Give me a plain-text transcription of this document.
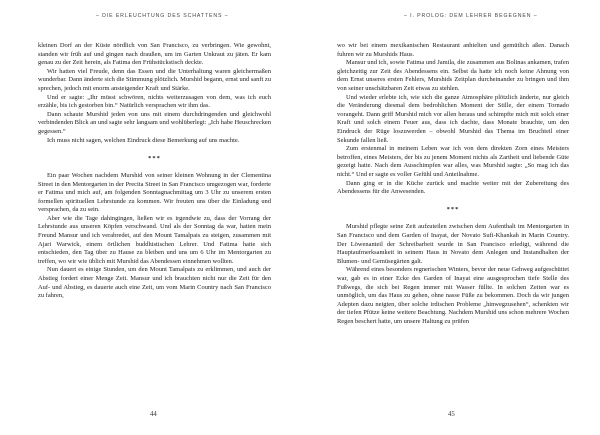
– DIE ERLEUCHTUNG DES SCHATTENS –

kleinen Dorf an der Küste nördlich von San Francisco, zu verbringen. Wie gewohnt, standen wir früh auf und gingen nach draußen, um im Garten Unkraut zu jäten. Er kam genau zu der Zeit herein, als Fatima den Frühstückstisch deckte.

Wir hatten viel Freude, denn das Essen und die Unterhaltung waren gleichermaßen wunderbar. Dann änderte sich die Stimmung plötzlich. Murshid begann, ernst und sanft zu sprechen, jedoch mit enorm ansteigender Kraft und Stärke.

Und er sagte: „Ihr müsst schwören, nichts weiterzusagen von dem, was ich euch erzähle, bis ich gestorben bin.“ Natürlich versprachen wir ihm das.

Dann schaute Murshid jeden von uns mit einem durchdringenden und gleichwohl verbindenden Blick an und sagte sehr langsam und wohlüberlegt: „Ich habe Heuschrecken gegessen.“

Ich muss nicht sagen, welchen Eindruck diese Bemerkung auf uns machte.

***

Ein paar Wochen nachdem Murshid von seiner kleinen Wohnung in der Clementina Street in den Mentorgarten in der Precita Street in San Francisco umgezogen war, forderte er Fatima und mich auf, am folgenden Sonntagnachmittag um 3 Uhr zu unserem ersten formellen spirituellen Lehrstunde zu kommen. Wir freuten uns über die Einladung und versprachen, da zu sein.

Aber wie die Tage dahingingen, ließen wir es irgendwie zu, dass der Vorrang der Lehrstunde aus unseren Köpfen verschwand. Und als der Sonntag da war, hatten mein Freund Mansur und ich verabredet, auf den Mount Tamalpais zu steigen, zusammen mit Ajari Warwick, einem örtlichen buddhistischen Lehrer. Und Fatima hatte sich entschieden, den Tag über zu Hause zu bleiben und uns um 6 Uhr im Mentorgarten zu treffen, wo wir wie üblich mit Murshid das Abendessen einnehmen wollten.

Nun dauert es einige Stunden, um den Mount Tamalpais zu erklimmen, und auch der Abstieg fordert einer Menge Zeit. Mansur und ich brauchten nicht nur die Zeit für den Auf- und Abstieg, es dauerte auch eine Zeit, um vom Marin Country nach San Francisco zu fahren,

44
– I. PROLOG: DEM LEHRER BEGEGNEN –

wo wir bei einem mexikanischen Restaurant anhielten und gemütlich aßen. Danach fuhren wir zu Murshids Haus.

Mansur und ich, sowie Fatima und Jamila, die zusammen aus Bolinas ankamen, trafen gleichzeitig zur Zeit des Abendessens ein. Selbst da hatte ich noch keine Ahnung von dem Ernst unseres ersten Fehlers, Murshids Zeitplan durcheinander zu bringen und ihm von seiner unschätzbaren Zeit etwas zu stehlen.

Und wieder erlebte ich, wie sich die ganze Atmosphäre plötzlich änderte, nur gleich die Veränderung diesmal dem bedrohlichen Moment der Stille, der einem Tornado vorangeht. Dann griff Murshid mich vor allen heraus und schimpfte mich mit solch einer Kraft und solch einem Feuer aus, dass ich dachte, dass Monate brauchte, um den Eindruck der Rüge loszuwerden – obwohl Murshid das Thema im Bruchteil einer Sekunde fallen ließ.

Zum erstenmal in meinem Leben war ich von dem direkten Zorn eines Meisters betroffen, eines Meisters, der bis zu jenem Moment nichts als Zartheit und liebende Güte gezeigt hatte. Nach dem Ausschimpfen war alles, was Murshid sagte: „So mag ich das nicht.“ Und er sagte es voller Gefühl und Anteilnahme.

Dann ging er in die Küche zurück und machte weiter mit der Zubereitung des Abendessens für die Anwesenden.

***

Murshid pflegte seine Zeit aufzuteilen zwischen dem Aufenthalt im Mentorgarten in San Francisco und dem Garden of Inayat, der Novato Sufi-Khankah in Marin Country. Der Löwenanteil der Schreibarbeit wurde in San Francisco erledigt, während die Hauptaufmerksamkeit in seinem Haus in Novato dem Anlegen und Instandhalten der Blumen- und Gemüsegärten galt.

Während eines besonders regnerischen Winters, bevor der neue Gehweg aufgeschüttet war, gab es in einer Ecke des Garden of Inayat eine ausgesprochen tiefe Stelle des Fußwegs, die sich bei Regen immer mit Wasser füllte. In solchen Zeiten war es unmöglich, um das Haus zu gehen, ohne nasse Füße zu bekommen. Doch da wir jungen Adepten dazu neigten, über solche irdischen Probleme „hinwegzusehen“, schenkten wir der tiefen Pfütze keine weitere Beachtung. Nachdem Murshid uns schon mehrere Wochen Regen beschert hatte, um unsere Haltung zu prüfen

45
